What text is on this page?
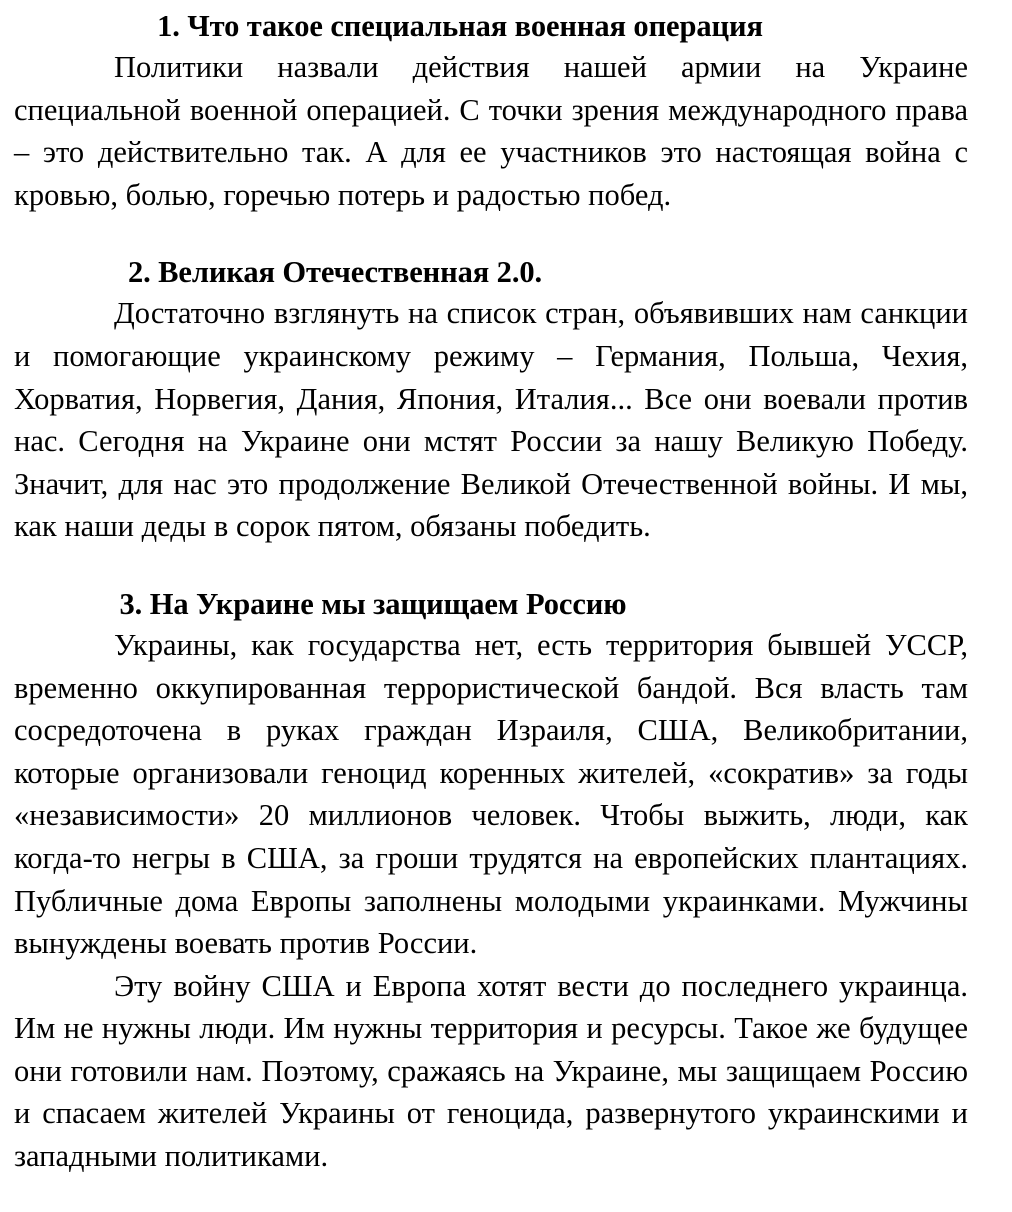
1. Что такое специальная военная операция

Политики назвали действия нашей армии на Украине специальной военной операцией. С точки зрения международного права – это действительно так. А для ее участников это настоящая война с кровью, болью, горечью потерь и радостью побед.

2. Великая Отечественная 2.0.

Достаточно взглянуть на список стран, объявивших нам санкции и помогающие украинскому режиму – Германия, Польша, Чехия, Хорватия, Норвегия, Дания, Япония, Италия... Все они воевали против нас. Сегодня на Украине они мстят России за нашу Великую Победу. Значит, для нас это продолжение Великой Отечественной войны. И мы, как наши деды в сорок пятом, обязаны победить.

3. На Украине мы защищаем Россию

Украины, как государства нет, есть территория бывшей УССР, временно оккупированная террористической бандой. Вся власть там сосредоточена в руках граждан Израиля, США, Великобритании, которые организовали геноцид коренных жителей, «сократив» за годы «независимости» 20 миллионов человек. Чтобы выжить, люди, как когда-то негры в США, за гроши трудятся на европейских плантациях. Публичные дома Европы заполнены молодыми украинками. Мужчины вынуждены воевать против России.

Эту войну США и Европа хотят вести до последнего украинца. Им не нужны люди. Им нужны территория и ресурсы. Такое же будущее они готовили нам. Поэтому, сражаясь на Украине, мы защищаем Россию и спасаем жителей Украины от геноцида, развернутого украинскими и западными политиками.
